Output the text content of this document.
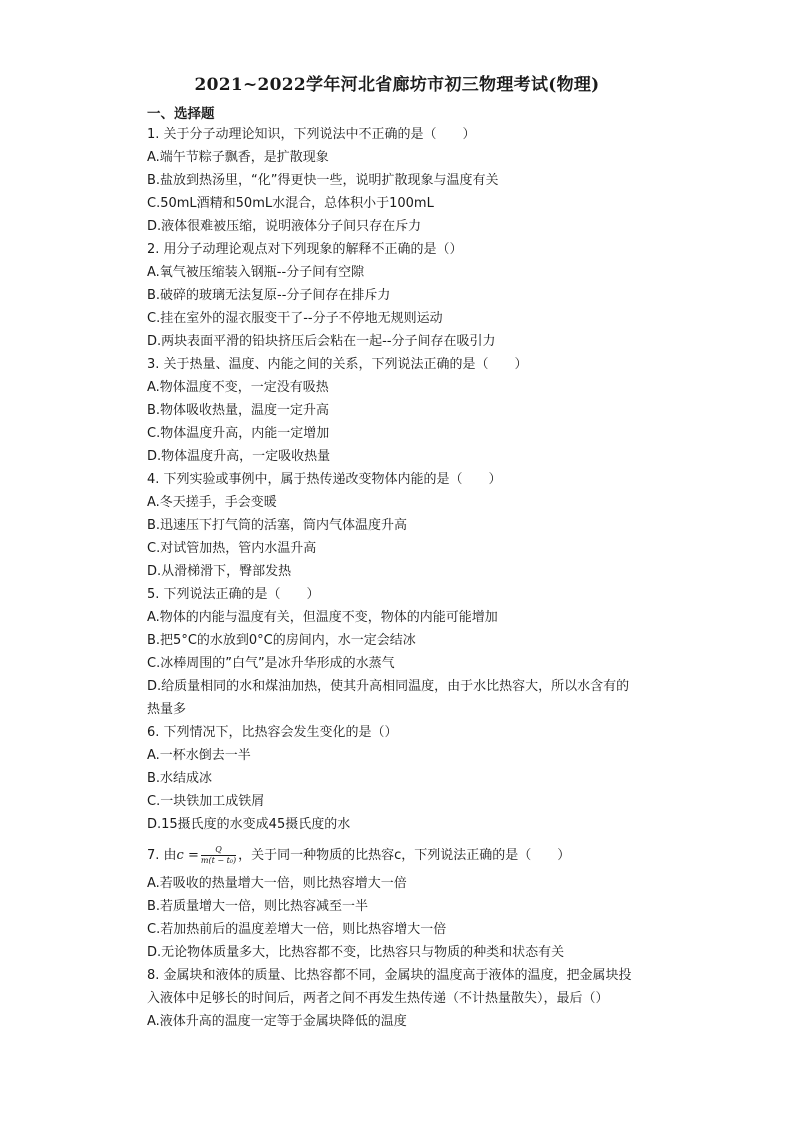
2021~2022学年河北省廊坊市初三物理考试(物理)
一、选择题
1. 关于分子动理论知识，下列说法中不正确的是（　　）
A.端午节粽子飘香，是扩散现象
B.盐放到热汤里，“化”得更快一些，说明扩散现象与温度有关
C.50mL酒精和50mL水混合，总体积小于100mL
D.液体很难被压缩，说明液体分子间只存在斥力
2. 用分子动理论观点对下列现象的解释不正确的是（）
A.氧气被压缩装入钢瓶--分子间有空隙
B.破碎的玻璃无法复原--分子间存在排斥力
C.挂在室外的湿衣服变干了--分子不停地无规则运动
D.两块表面平滑的铅块挤压后会粘在一起--分子间存在吸引力
3. 关于热量、温度、内能之间的关系，下列说法正确的是（　　）
A.物体温度不变，一定没有吸热
B.物体吸收热量，温度一定升高
C.物体温度升高，内能一定增加
D.物体温度升高，一定吸收热量
4. 下列实验或事例中，属于热传递改变物体内能的是（　　）
A.冬天搓手，手会变暖
B.迅速压下打气筒的活塞，筒内气体温度升高
C.对试管加热，管内水温升高
D.从滑梯滑下，臀部发热
5. 下列说法正确的是（　　）
A.物体的内能与温度有关，但温度不变，物体的内能可能增加
B.把5°C的水放到0°C的房间内，水一定会结冰
C.冰棒周围的”白气”是冰升华形成的水蒸气
D.给质量相同的水和煤油加热，使其升高相同温度，由于水比热容大，所以水含有的
热量多
6. 下列情况下，比热容会发生变化的是（）
A.一杯水倒去一半
B.水结成冰
C.一块铁加工成铁屑
D.15摄氏度的水变成45摄氏度的水
7. 由$c = \frac{Q}{\text{m(t − t₀)}}$ ，关于同一种物质的比热容c，下列说法正确的是（　　）
A.若吸收的热量增大一倍，则比热容增大一倍
B.若质量增大一倍，则比热容减至一半
C.若加热前后的温度差增大一倍，则比热容增大一倍
D.无论物体质量多大，比热容都不变，比热容只与物质的种类和状态有关
8. 金属块和液体的质量、比热容都不同，金属块的温度高于液体的温度，把金属块投
入液体中足够长的时间后，两者之间不再发生热传递（不计热量散失），最后（）
A.液体升高的温度一定等于金属块降低的温度
